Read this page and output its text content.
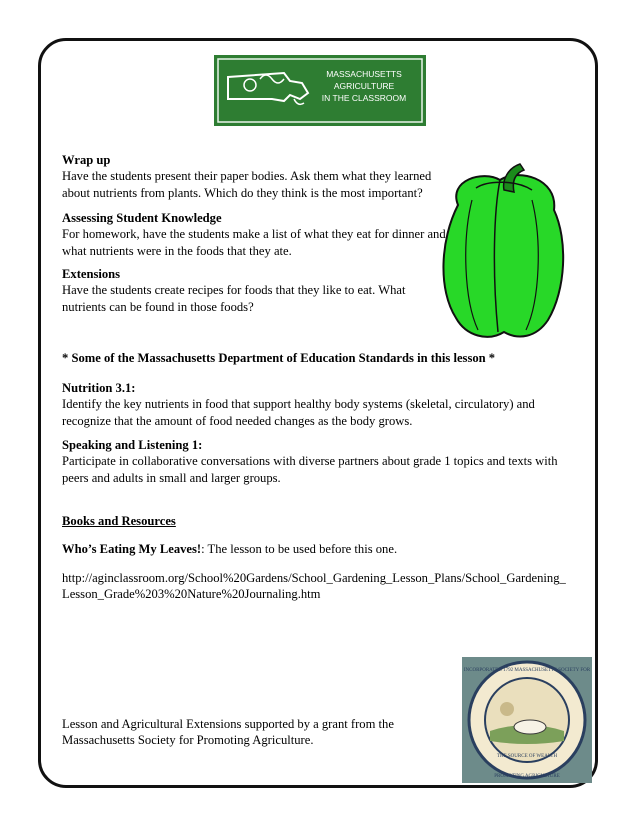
MASSACHUSETTS
AGRICULTURE
IN THE CLASSROOM
THE SOURCE OF WEALTH
INCORPORATED 1792 MASSACHUSETTS SOCIETY FOR
PROMOTING AGRICULTURE
Wrap up
Have the students present their paper bodies. Ask them what they learned
about nutrients from plants. Which do they think is the most important?
Assessing Student Knowledge
For homework, have the students make a list of what they eat for dinner and
what nutrients were in the foods that they ate.
Extensions
Have the students create recipes for foods that they like to eat. What
nutrients can be found in those foods?
* Some of the Massachusetts Department of Education Standards in this lesson *
Nutrition 3.1:
Identify the key nutrients in food that support healthy body systems (skeletal, circulatory) and
recognize that the amount of food needed changes as the body grows.
Speaking and Listening 1:
Participate in collaborative conversations with diverse partners about grade 1 topics and texts with
peers and adults in small and larger groups.
Books and Resources
Who’s Eating My Leaves!: The lesson to be used before this one.
http://aginclassroom.org/School%20Gardens/School_Gardening_Lesson_Plans/School_Gardening_
Lesson_Grade%203%20Nature%20Journaling.htm
Lesson and Agricultural Extensions supported by a grant from the
Massachusetts Society for Promoting Agriculture.
